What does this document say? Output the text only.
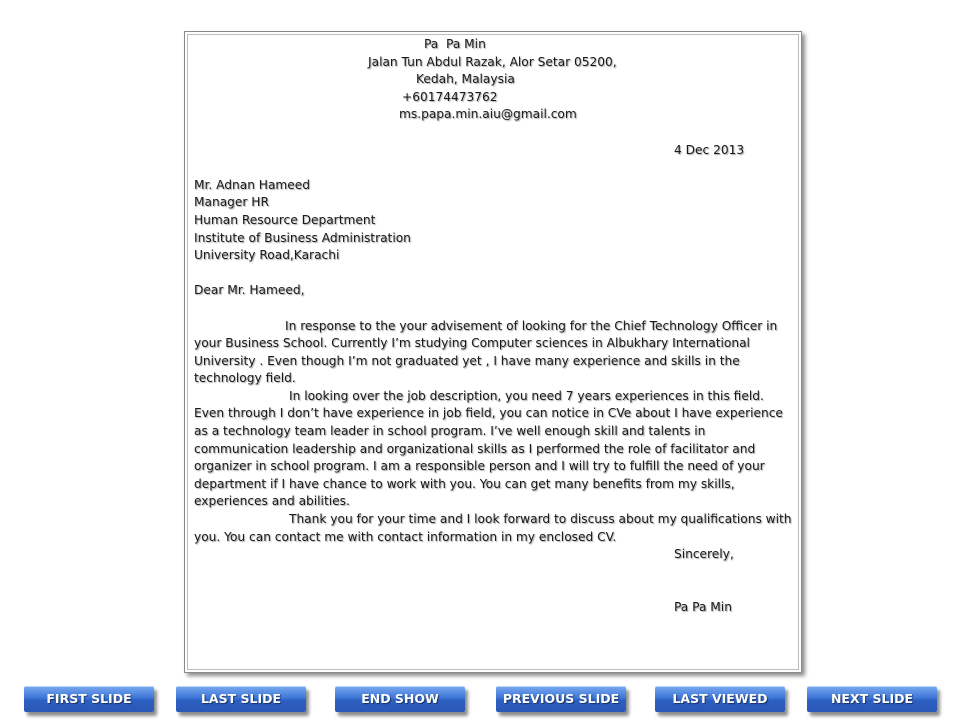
Pa  Pa Min
Jalan Tun Abdul Razak, Alor Setar 05200,
Kedah, Malaysia
+60174473762
ms.papa.min.aiu@gmail.com
4 Dec 2013
Mr. Adnan Hameed
Manager HR
Human Resource Department
Institute of Business Administration
University Road,Karachi
Dear Mr. Hameed,
In response to the your advisement of looking for the Chief Technology Officer in your Business School. Currently I’m studying Computer sciences in Albukhary International University . Even though I’m not graduated yet , I have many experience and skills in the technology field.
In looking over the job description, you need 7 years experiences in this field. Even through I don’t have experience in job field, you can notice in CVe about I have experience as a technology team leader in school program. I’ve well enough skill and talents in communication leadership and organizational skills as I performed the role of facilitator and organizer in school program. I am a responsible person and I will try to fulfill the need of your department if I have chance to work with you. You can get many benefits from my skills, experiences and abilities.
Thank you for your time and I look forward to discuss about my qualifications with you. You can contact me with contact information in my enclosed CV.
Sincerely,
Pa Pa Min
FIRST SLIDE	LAST SLIDE	END SHOW	PREVIOUS SLIDE	LAST VIEWED	NEXT SLIDE
